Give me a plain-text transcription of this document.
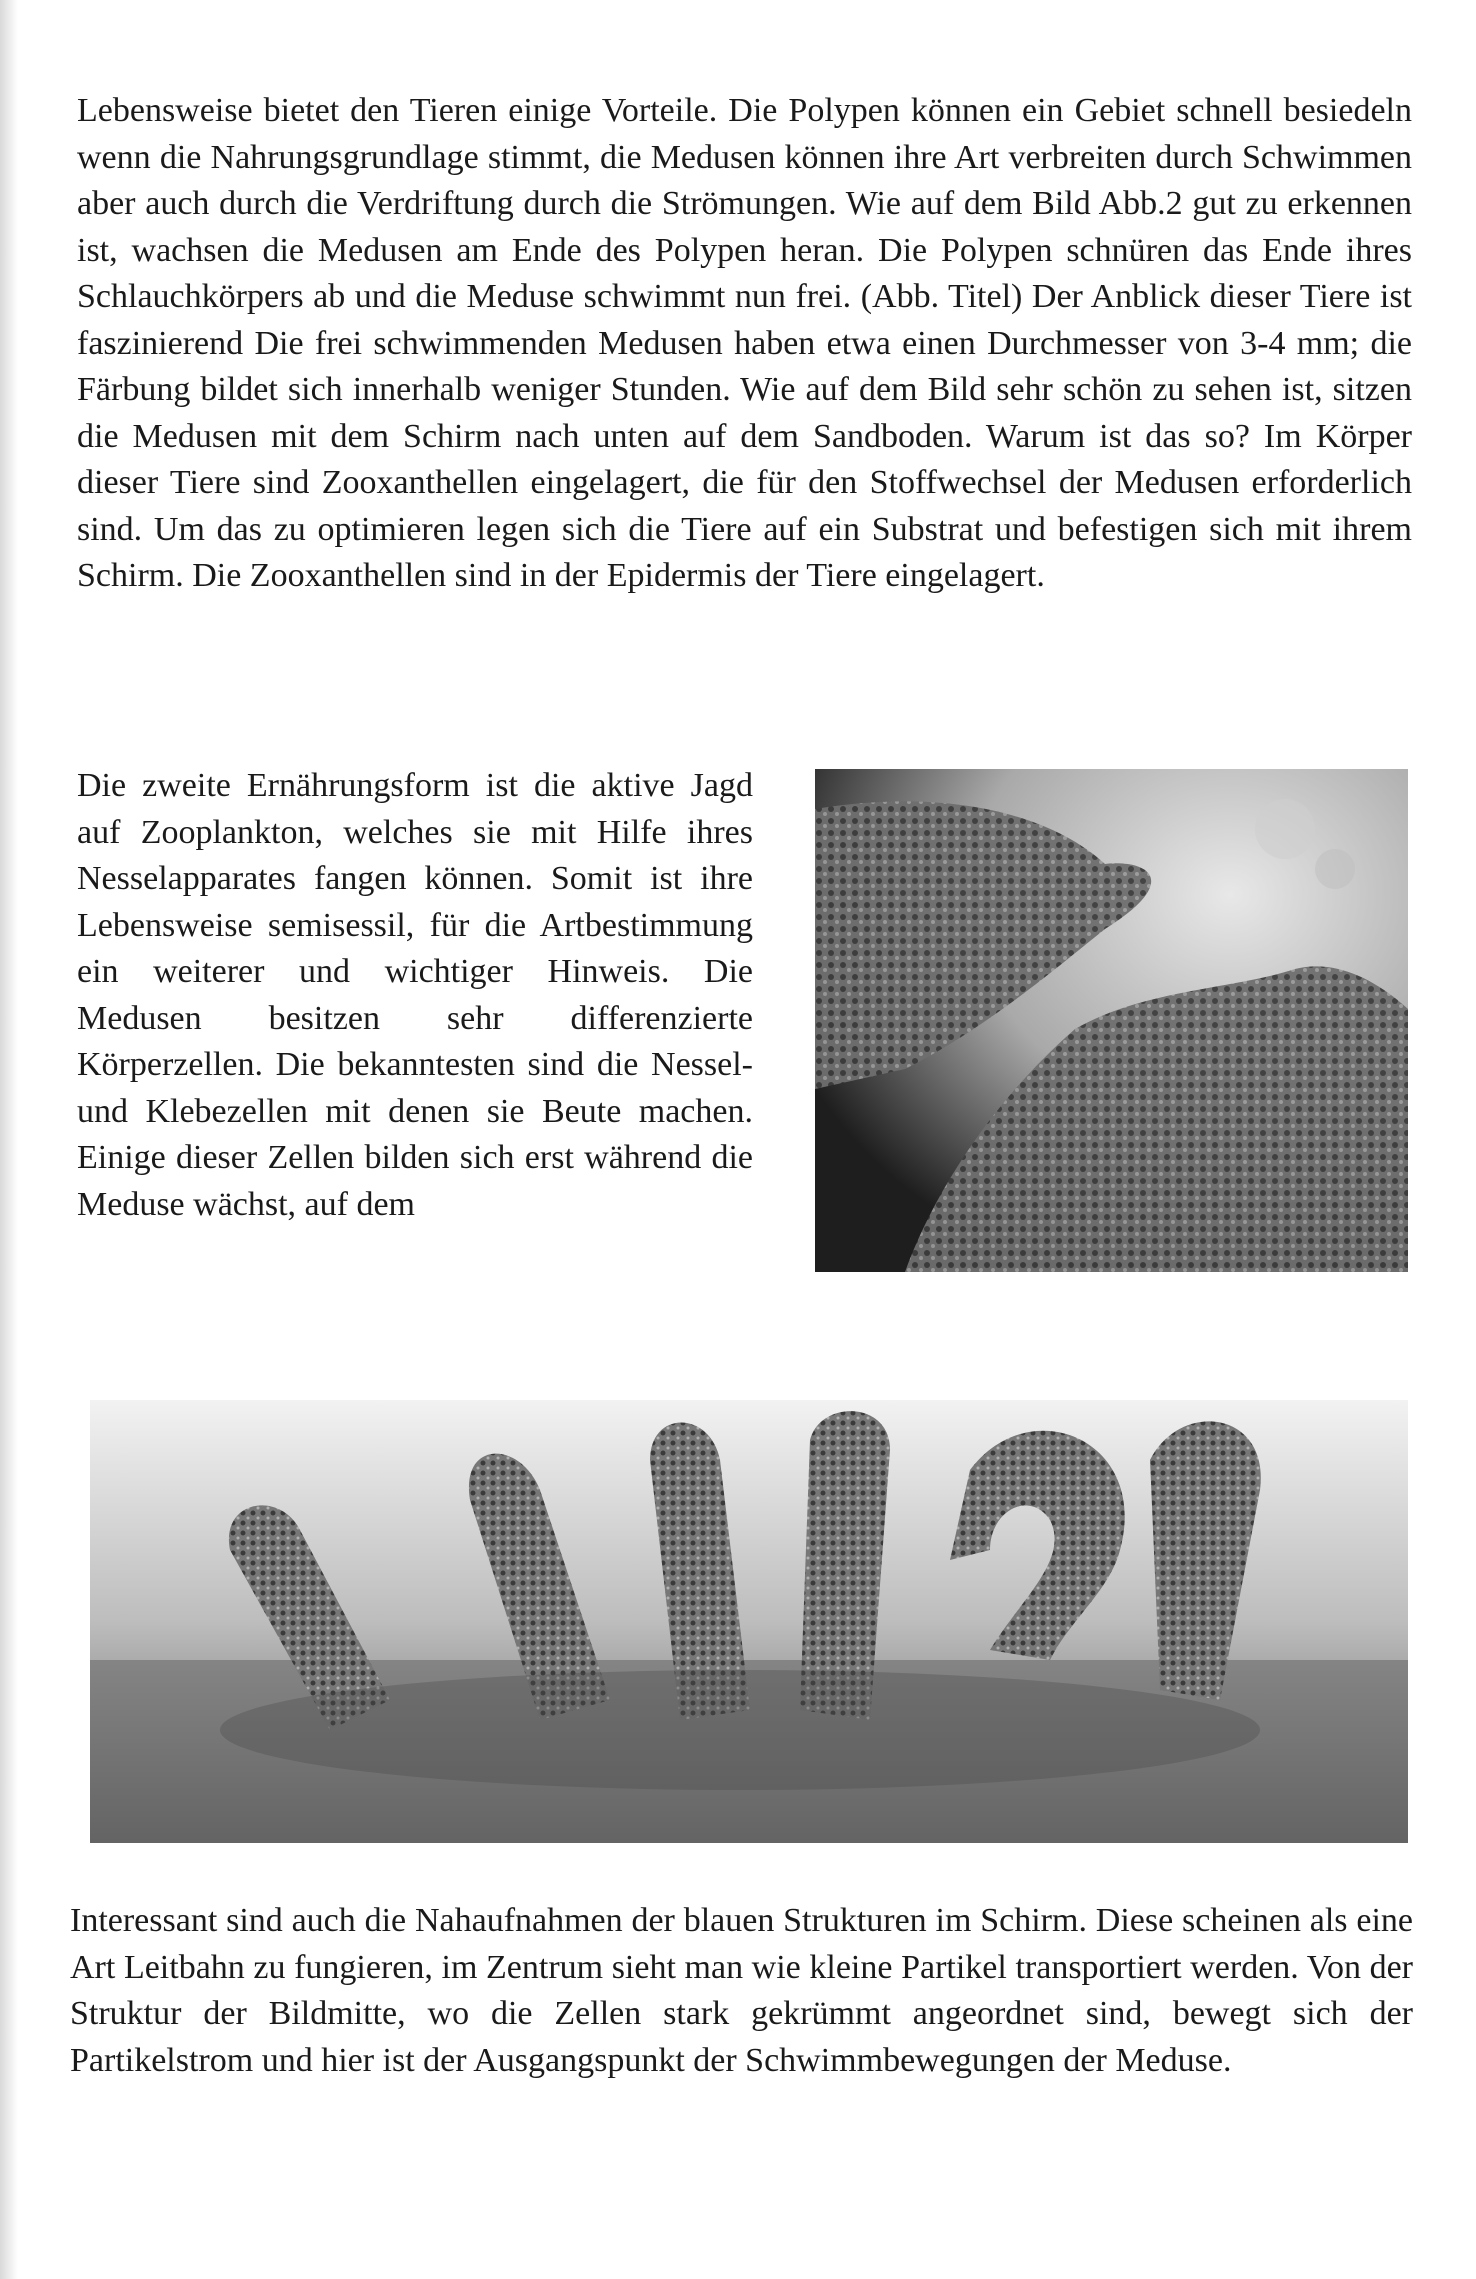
Lebensweise bietet den Tieren einige Vorteile. Die Polypen können ein Gebiet schnell besiedeln wenn die Nahrungsgrundlage stimmt, die Medusen können ihre Art verbreiten durch Schwimmen aber auch durch die Verdriftung durch die Strömungen. Wie auf dem Bild Abb.2 gut zu erkennen ist, wachsen die Medusen am Ende des Polypen heran. Die Polypen schnüren das Ende ihres Schlauchkörpers ab und die Meduse schwimmt nun frei. (Abb. Titel) Der Anblick dieser Tiere ist faszinierend Die frei schwimmenden Medusen haben etwa einen Durchmesser von 3-4 mm; die Färbung bildet sich innerhalb weniger Stunden. Wie auf dem Bild sehr schön zu sehen ist, sitzen die Medusen mit dem Schirm nach unten auf dem Sandboden. Warum ist das so? Im Körper dieser Tiere sind Zooxanthellen eingelagert, die für den Stoffwechsel der Medusen erforderlich sind. Um das zu optimieren legen sich die Tiere auf ein Substrat und befestigen sich mit ihrem Schirm. Die Zooxanthellen sind in der Epidermis der Tiere eingelagert.

Die zweite Ernährungsform ist die aktive Jagd auf Zooplankton, welches sie mit Hilfe ihres Nesselapparates fangen können. Somit ist ihre Lebensweise semisessil, für die Artbestimmung ein weiterer und wichtiger Hinweis. Die Medusen besitzen sehr differenzierte Körperzellen. Die bekanntesten sind die Nessel- und Klebezellen mit denen sie Beute machen. Einige dieser Zellen bilden sich erst während die Meduse wächst, auf dem

Interessant sind auch die Nahaufnahmen der blauen Strukturen im Schirm. Diese scheinen als eine Art Leitbahn zu fungieren, im Zentrum sieht man wie kleine Partikel transportiert werden. Von der Struktur der Bildmitte, wo die Zellen stark gekrümmt angeordnet sind, bewegt sich der Partikelstrom und hier ist der Ausgangspunkt der Schwimmbewegungen der Meduse.
